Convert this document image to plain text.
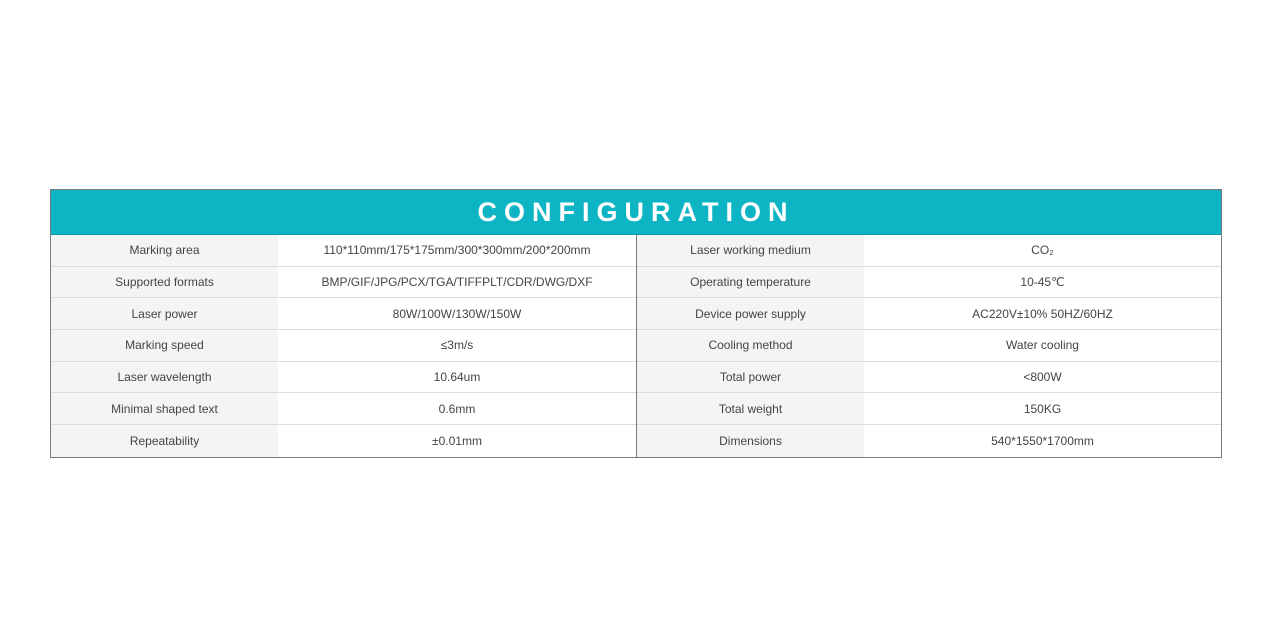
CONFIGURATION
Marking area	110*110mm/175*175mm/300*300mm/200*200mm
Supported formats	BMP/GIF/JPG/PCX/TGA/TIFFPLT/CDR/DWG/DXF
Laser power	80W/100W/130W/150W
Marking speed	≤3m/s
Laser wavelength	10.64um
Minimal shaped text	0.6mm
Repeatability	±0.01mm
Laser working medium	CO₂
Operating temperature	10-45℃
Device power supply	AC220V±10% 50HZ/60HZ
Cooling method	Water cooling
Total power	<800W
Total weight	150KG
Dimensions	540*1550*1700mm
